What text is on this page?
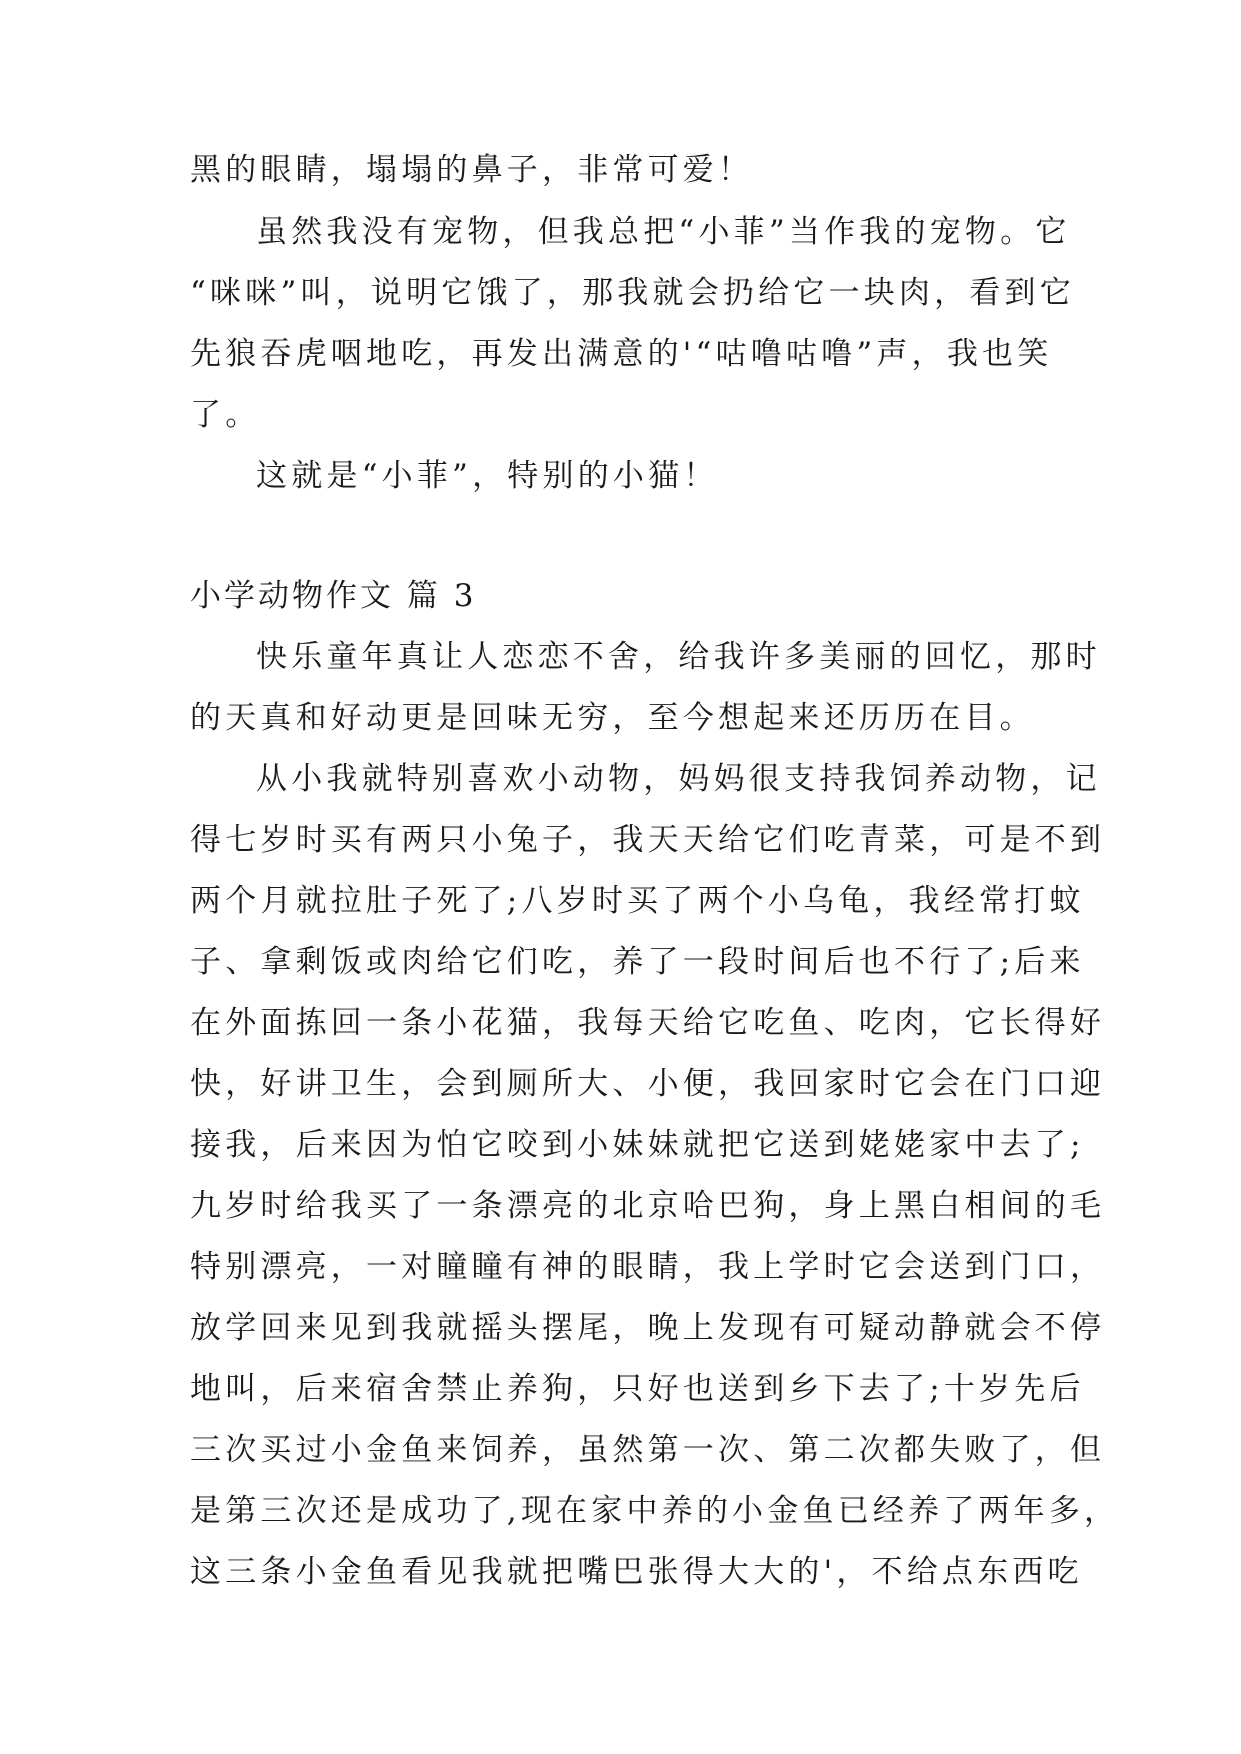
黑的眼睛，塌塌的鼻子，非常可爱！
虽然我没有宠物，但我总把“小菲”当作我的宠物。它
“咪咪”叫，说明它饿了，那我就会扔给它一块肉，看到它
先狼吞虎咽地吃，再发出满意的'“咕噜咕噜”声，我也笑
了。
这就是“小菲”，特别的小猫！
小学动物作文 篇 3
快乐童年真让人恋恋不舍，给我许多美丽的回忆，那时
的天真和好动更是回味无穷，至今想起来还历历在目。
从小我就特别喜欢小动物，妈妈很支持我饲养动物，记
得七岁时买有两只小兔子，我天天给它们吃青菜，可是不到
两个月就拉肚子死了;八岁时买了两个小乌龟，我经常打蚊
子、拿剩饭或肉给它们吃，养了一段时间后也不行了;后来
在外面拣回一条小花猫，我每天给它吃鱼、吃肉，它长得好
快，好讲卫生，会到厕所大、小便，我回家时它会在门口迎
接我，后来因为怕它咬到小妹妹就把它送到姥姥家中去了;
九岁时给我买了一条漂亮的北京哈巴狗，身上黑白相间的毛
特别漂亮，一对瞳瞳有神的眼睛，我上学时它会送到门口，
放学回来见到我就摇头摆尾，晚上发现有可疑动静就会不停
地叫，后来宿舍禁止养狗，只好也送到乡下去了;十岁先后
三次买过小金鱼来饲养，虽然第一次、第二次都失败了，但
是第三次还是成功了,现在家中养的小金鱼已经养了两年多，
这三条小金鱼看见我就把嘴巴张得大大的'，不给点东西吃
